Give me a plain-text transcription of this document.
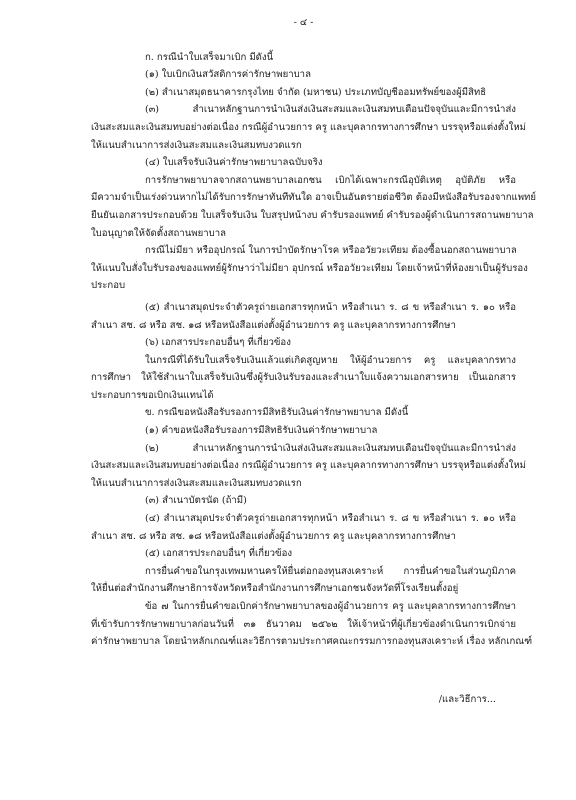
- ๔ -
ก. กรณีนำใบเสร็จมาเบิก มีดังนี้
(๑) ใบเบิกเงินสวัสดิการค่ารักษาพยาบาล
(๒) สำเนาสมุดธนาคารกรุงไทย จำกัด (มหาชน) ประเภทบัญชีออมทรัพย์ของผู้มีสิทธิ
(๓) สำเนาหลักฐานการนำเงินส่งเงินสะสมและเงินสมทบเดือนปัจจุบันและมีการนำส่ง
เงินสะสมและเงินสมทบอย่างต่อเนื่อง กรณีผู้อำนวยการ ครู และบุคลากรทางการศึกษา บรรจุหรือแต่งตั้งใหม่
ให้แนบสำเนาการส่งเงินสะสมและเงินสมทบงวดแรก
(๔) ใบเสร็จรับเงินค่ารักษาพยาบาลฉบับจริง
การรักษาพยาบาลจากสถานพยาบาลเอกชน เบิกได้เฉพาะกรณีอุบัติเหตุ อุบัติภัย หรือ
มีความจำเป็นเร่งด่วนหากไม่ได้รับการรักษาทันทีทันใด อาจเป็นอันตรายต่อชีวิต ต้องมีหนังสือรับรองจากแพทย์
ยืนยันเอกสารประกอบด้วย ใบเสร็จรับเงิน ใบสรุปหน้างบ คำรับรองแพทย์ คำรับรองผู้ดำเนินการสถานพยาบาล
ใบอนุญาตให้จัดตั้งสถานพยาบาล
กรณีไม่มียา หรืออุปกรณ์ ในการบำบัดรักษาโรค หรืออวัยวะเทียม ต้องซื้อนอกสถานพยาบาล
ให้แนบใบสั่งใบรับรองของแพทย์ผู้รักษาว่าไม่มียา อุปกรณ์ หรืออวัยวะเทียม โดยเจ้าหน้าที่ห้องยาเป็นผู้รับรอง
ประกอบ
(๕) สำเนาสมุดประจำตัวครูถ่ายเอกสารทุกหน้า หรือสำเนา ร. ๘ ข หรือสำเนา ร. ๑๐ หรือ
สำเนา สช. ๘ หรือ สช. ๑๘ หรือหนังสือแต่งตั้งผู้อำนวยการ ครู และบุคลากรทางการศึกษา
(๖) เอกสารประกอบอื่นๆ ที่เกี่ยวข้อง
ในกรณีที่ได้รับใบเสร็จรับเงินแล้วแต่เกิดสูญหาย ให้ผู้อำนวยการ ครู และบุคลากรทาง
การศึกษา ให้ใช้สำเนาใบเสร็จรับเงินซึ่งผู้รับเงินรับรองและสำเนาใบแจ้งความเอกสารหาย เป็นเอกสาร
ประกอบการขอเบิกเงินแทนได้
ข. กรณีขอหนังสือรับรองการมีสิทธิรับเงินค่ารักษาพยาบาล มีดังนี้
(๑) คำขอหนังสือรับรองการมีสิทธิรับเงินค่ารักษาพยาบาล
(๒) สำเนาหลักฐานการนำเงินส่งเงินสะสมและเงินสมทบเดือนปัจจุบันและมีการนำส่ง
เงินสะสมและเงินสมทบอย่างต่อเนื่อง กรณีผู้อำนวยการ ครู และบุคลากรทางการศึกษา บรรจุหรือแต่งตั้งใหม่
ให้แนบสำเนาการส่งเงินสะสมและเงินสมทบงวดแรก
(๓) สำเนาบัตรนัด (ถ้ามี)
(๔) สำเนาสมุดประจำตัวครูถ่ายเอกสารทุกหน้า หรือสำเนา ร. ๘ ข หรือสำเนา ร. ๑๐ หรือ
สำเนา สช. ๘ หรือ สช. ๑๘ หรือหนังสือแต่งตั้งผู้อำนวยการ ครู และบุคลากรทางการศึกษา
(๕) เอกสารประกอบอื่นๆ ที่เกี่ยวข้อง
การยื่นคำขอในกรุงเทพมหานครให้ยื่นต่อกองทุนสงเคราะห์ การยื่นคำขอในส่วนภูมิภาค
ให้ยื่นต่อสำนักงานศึกษาธิการจังหวัดหรือสำนักงานการศึกษาเอกชนจังหวัดที่โรงเรียนตั้งอยู่
ข้อ ๗ ในการยื่นคำขอเบิกค่ารักษาพยาบาลของผู้อำนวยการ ครู และบุคลากรทางการศึกษา
ที่เข้ารับการรักษาพยาบาลก่อนวันที่ ๓๑ ธันวาคม ๒๕๖๒ ให้เจ้าหน้าที่ผู้เกี่ยวข้องดำเนินการเบิกจ่าย
ค่ารักษาพยาบาล โดยนำหลักเกณฑ์และวิธีการตามประกาศคณะกรรมการกองทุนสงเคราะห์ เรื่อง หลักเกณฑ์
/และวิธีการ...
